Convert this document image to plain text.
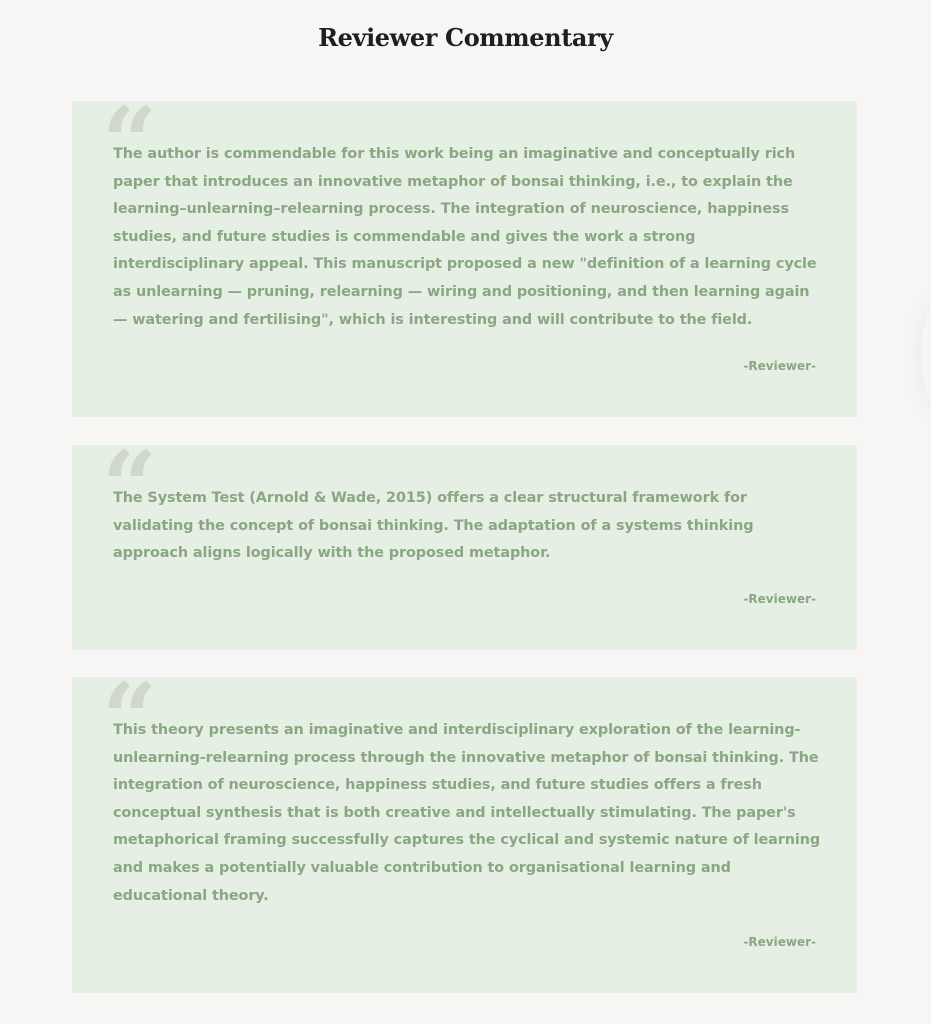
Reviewer Commentary
“

The author is commendable for this work being an imaginative and conceptually rich paper that introduces an innovative metaphor of bonsai thinking, i.e., to explain the learning–unlearning–relearning process. The integration of neuroscience, happiness studies, and future studies is commendable and gives the work a strong interdisciplinary appeal. This manuscript proposed a new "definition of a learning cycle as unlearning — pruning, relearning — wiring and positioning, and then learning again — watering and fertilising", which is interesting and will contribute to the field.

-Reviewer-
“

The System Test (Arnold & Wade, 2015) offers a clear structural framework for validating the concept of bonsai thinking. The adaptation of a systems thinking approach aligns logically with the proposed metaphor.

-Reviewer-
“

This theory presents an imaginative and interdisciplinary exploration of the learning-unlearning-relearning process through the innovative metaphor of bonsai thinking. The integration of neuroscience, happiness studies, and future studies offers a fresh conceptual synthesis that is both creative and intellectually stimulating. The paper's metaphorical framing successfully captures the cyclical and systemic nature of learning and makes a potentially valuable contribution to organisational learning and educational theory.

-Reviewer-
